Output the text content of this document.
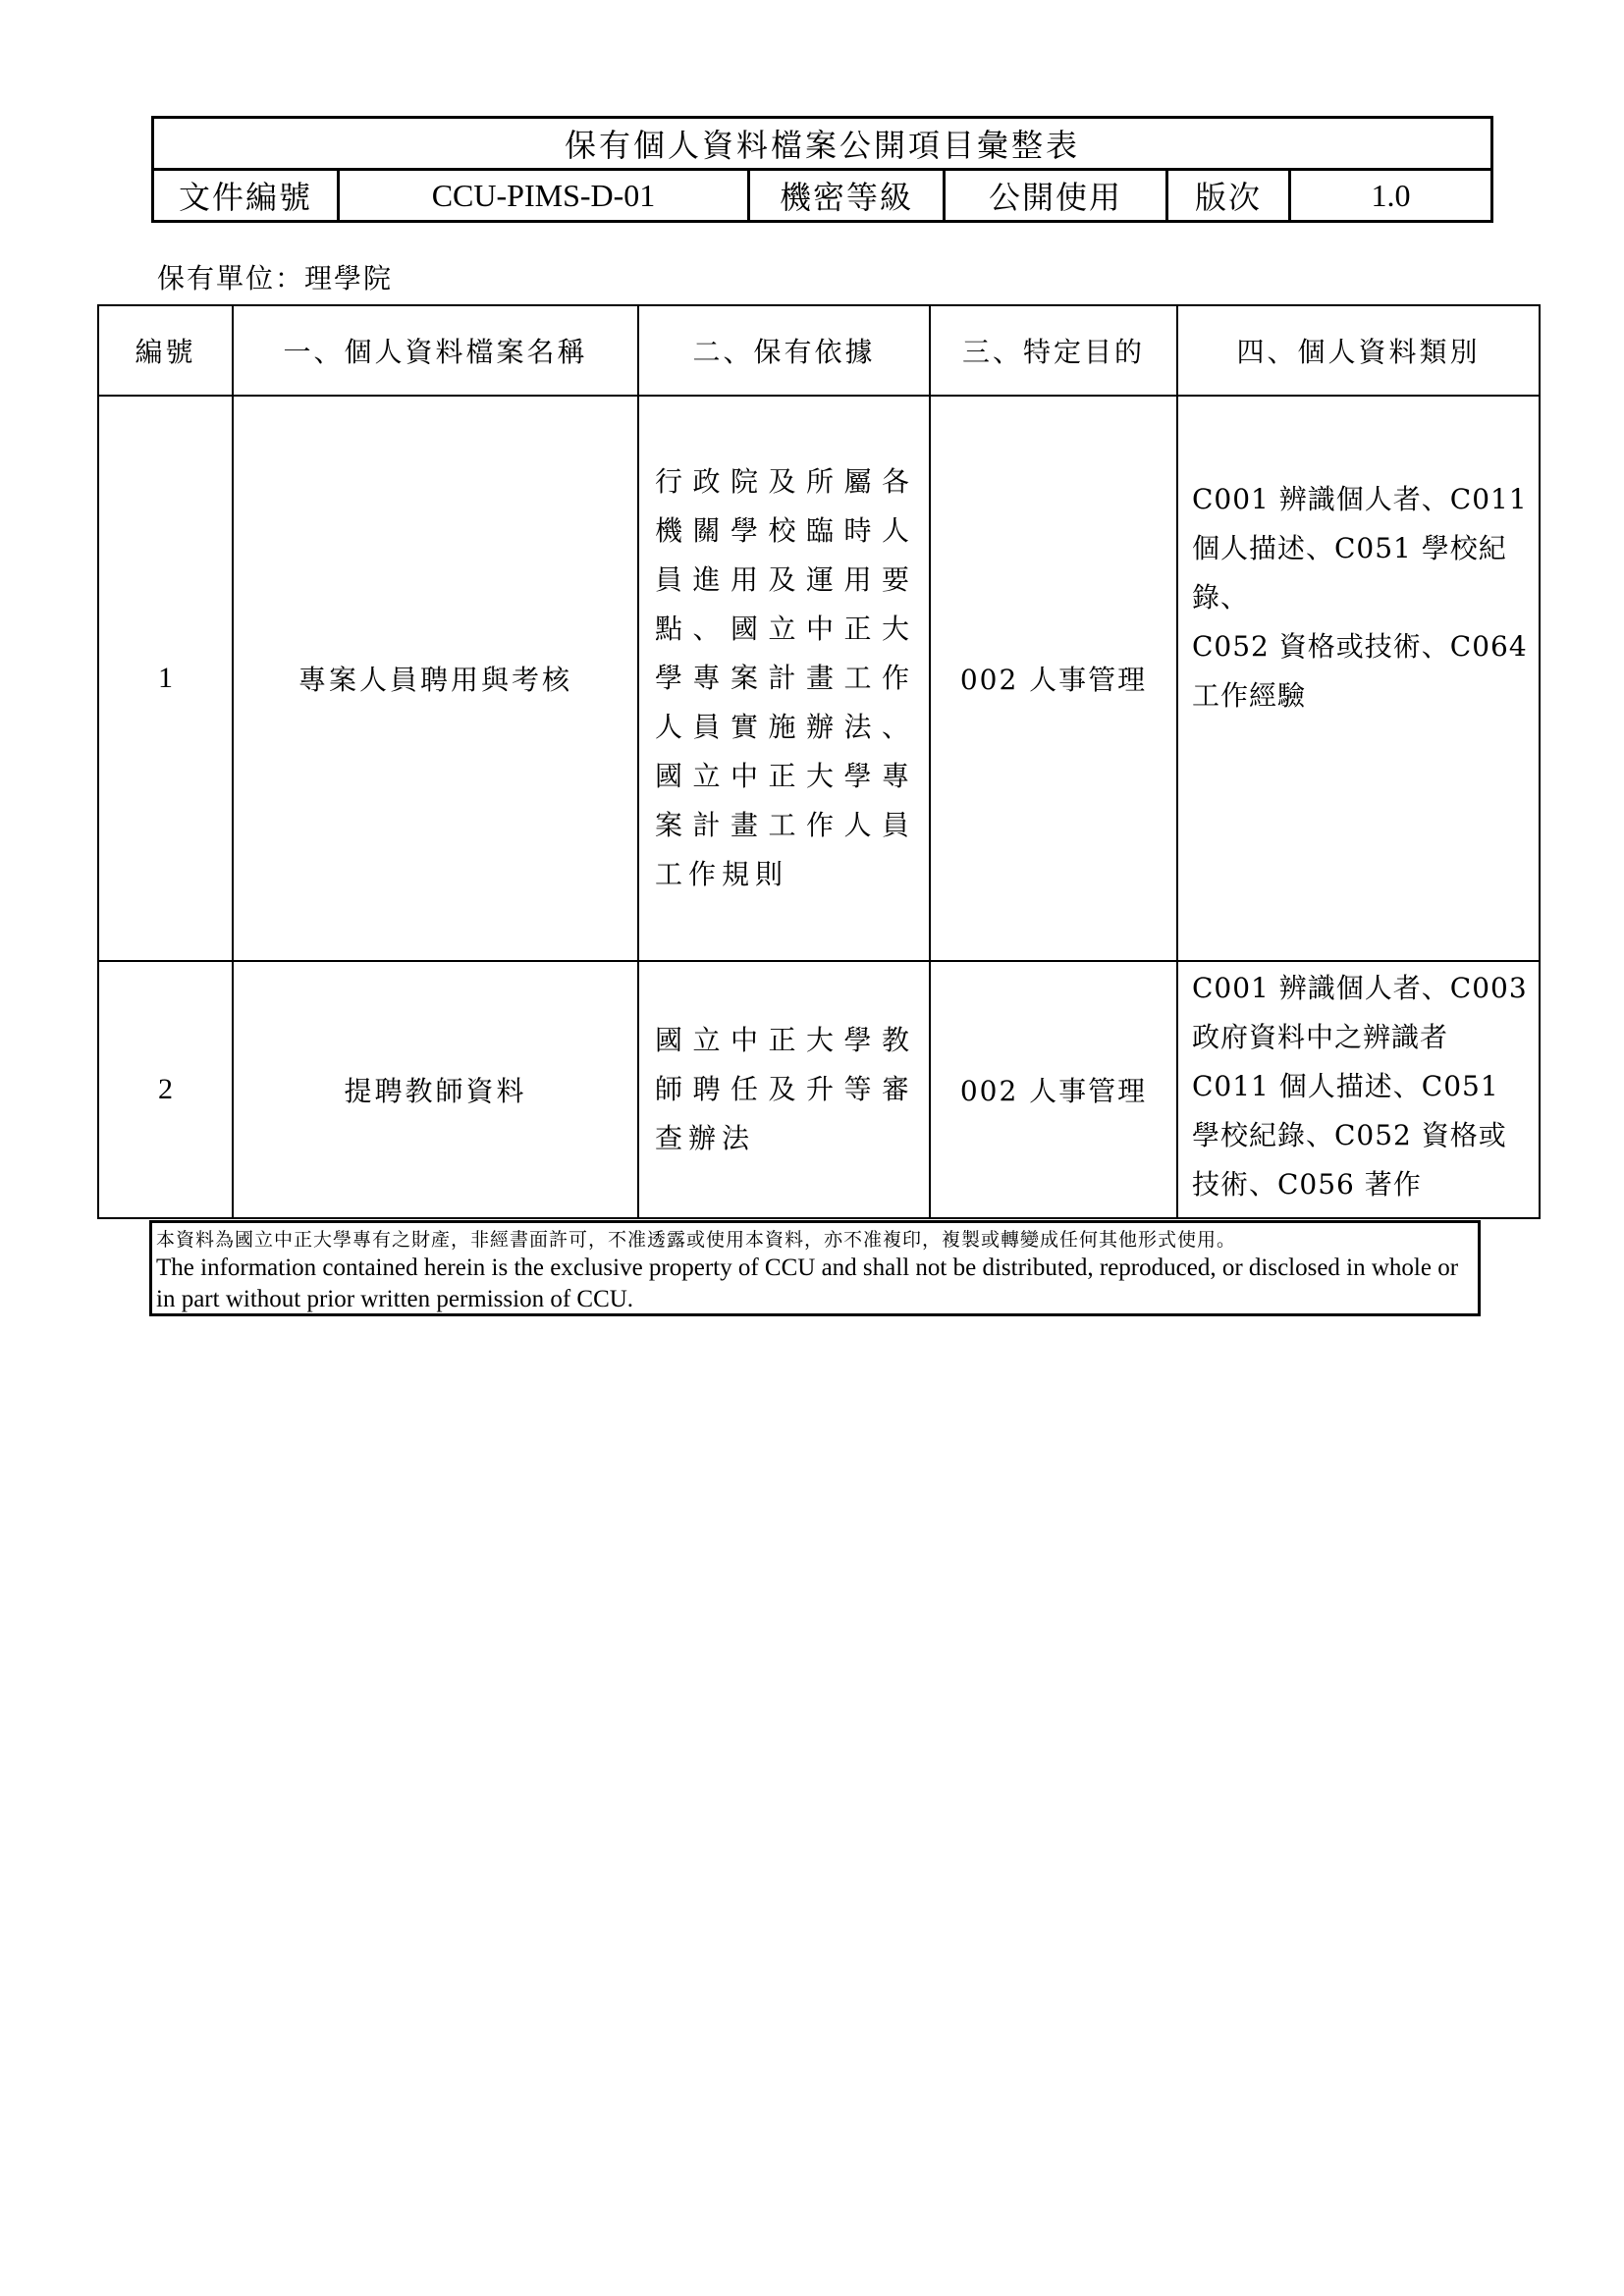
保有個人資料檔案公開項目彙整表
文件編號	CCU-PIMS-D-01	機密等級	公開使用	版次	1.0
保有單位：理學院
編號	一、個人資料檔案名稱	二、保有依據	三、特定目的	四、個人資料類別
1	專案人員聘用與考核	行政院及所屬各機關學校臨時人員進用及運用要點、國立中正大學專案計畫工作人員實施辦法、國立中正大學專案計畫工作人員工作規則	002 人事管理	C001 辨識個人者、C011 個人描述、C051 學校紀錄、
C052 資格或技術、C064 工作經驗

2	提聘教師資料	國立中正大學教師聘任及升等審查辦法	002 人事管理	C001 辨識個人者、C003 政府資料中之辨識者 C011 個人描述、C051 學校紀錄、C052 資格或技術、C056 著作
本資料為國立中正大學專有之財產，非經書面許可，不准透露或使用本資料，亦不准複印，複製或轉變成任何其他形式使用。
The information contained herein is the exclusive property of CCU and shall not be distributed, reproduced, or disclosed in whole or in part without prior written permission of CCU.
